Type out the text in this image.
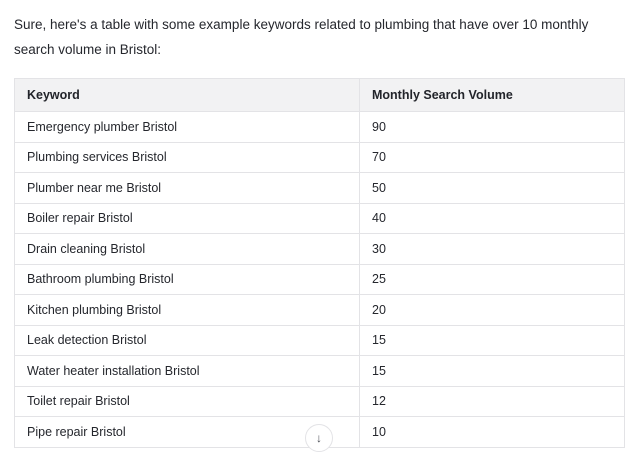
Sure, here's a table with some example keywords related to plumbing that have over 10 monthly search volume in Bristol:

Keyword	Monthly Search Volume
Emergency plumber Bristol	90
Plumbing services Bristol	70
Plumber near me Bristol	50
Boiler repair Bristol	40
Drain cleaning Bristol	30
Bathroom plumbing Bristol	25
Kitchen plumbing Bristol	20
Leak detection Bristol	15
Water heater installation Bristol	15
Toilet repair Bristol	12
Pipe repair Bristol	10
↓
